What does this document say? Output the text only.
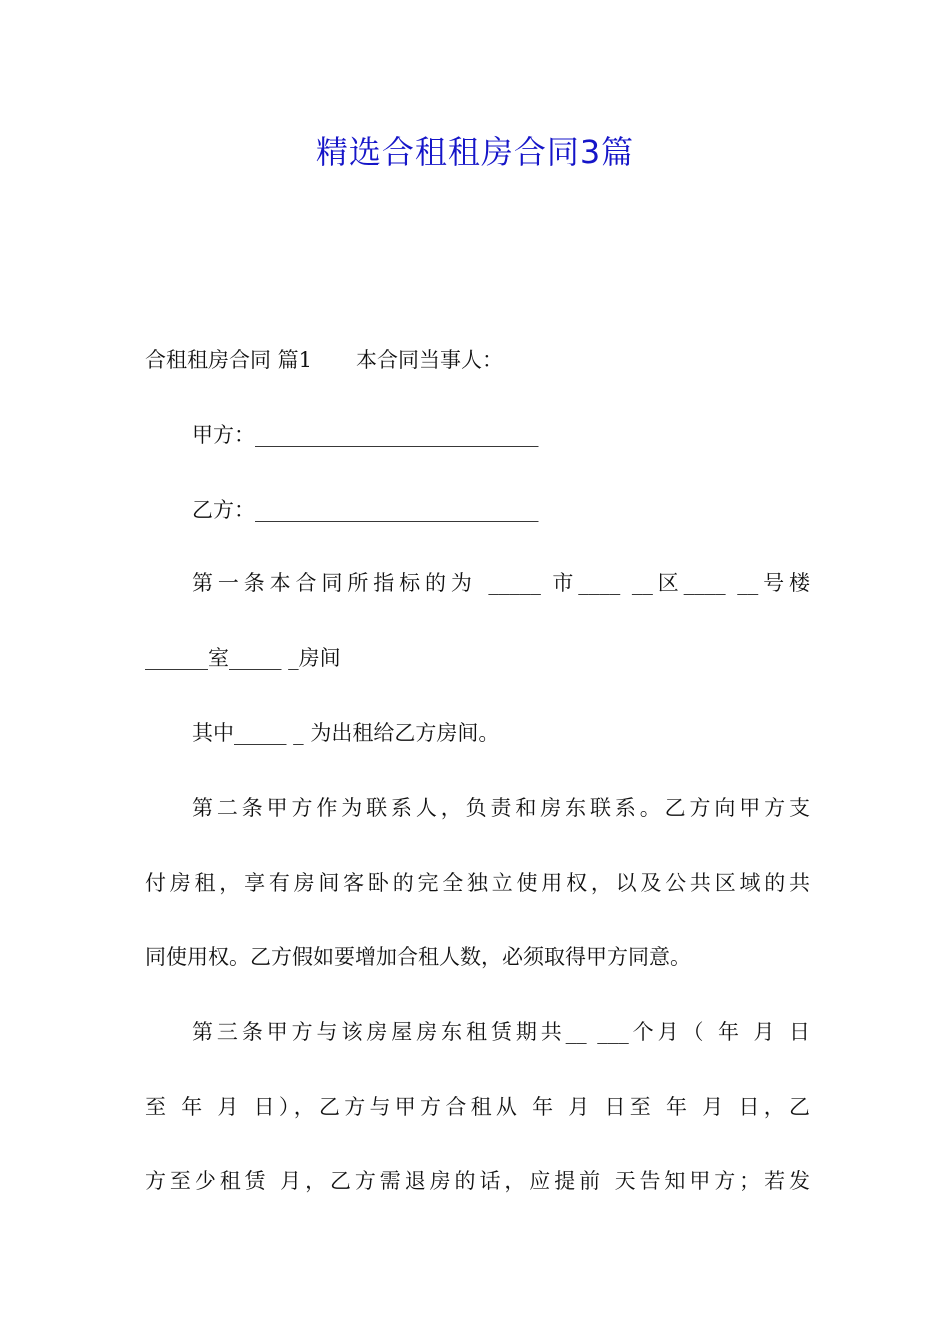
精选合租租房合同3篇
合租租房合同 篇1 本合同当事人：
甲方：___________________________
乙方：___________________________
第一条本合同所指标的为 _____ 市____ __区____ __号楼
______室_____ _房间
其中_____ _ 为出租给乙方房间。
第二条甲方作为联系人，负责和房东联系。乙方向甲方支
付房租，享有房间客卧的完全独立使用权，以及公共区域的共
同使用权。乙方假如要增加合租人数，必须取得甲方同意。
第三条甲方与该房屋房东租赁期共__ ___个月（ 年 月 日
至 年 月 日），乙方与甲方合租从 年 月 日至 年 月 日，乙
方至少租赁 月，乙方需退房的话，应提前 天告知甲方；若发
